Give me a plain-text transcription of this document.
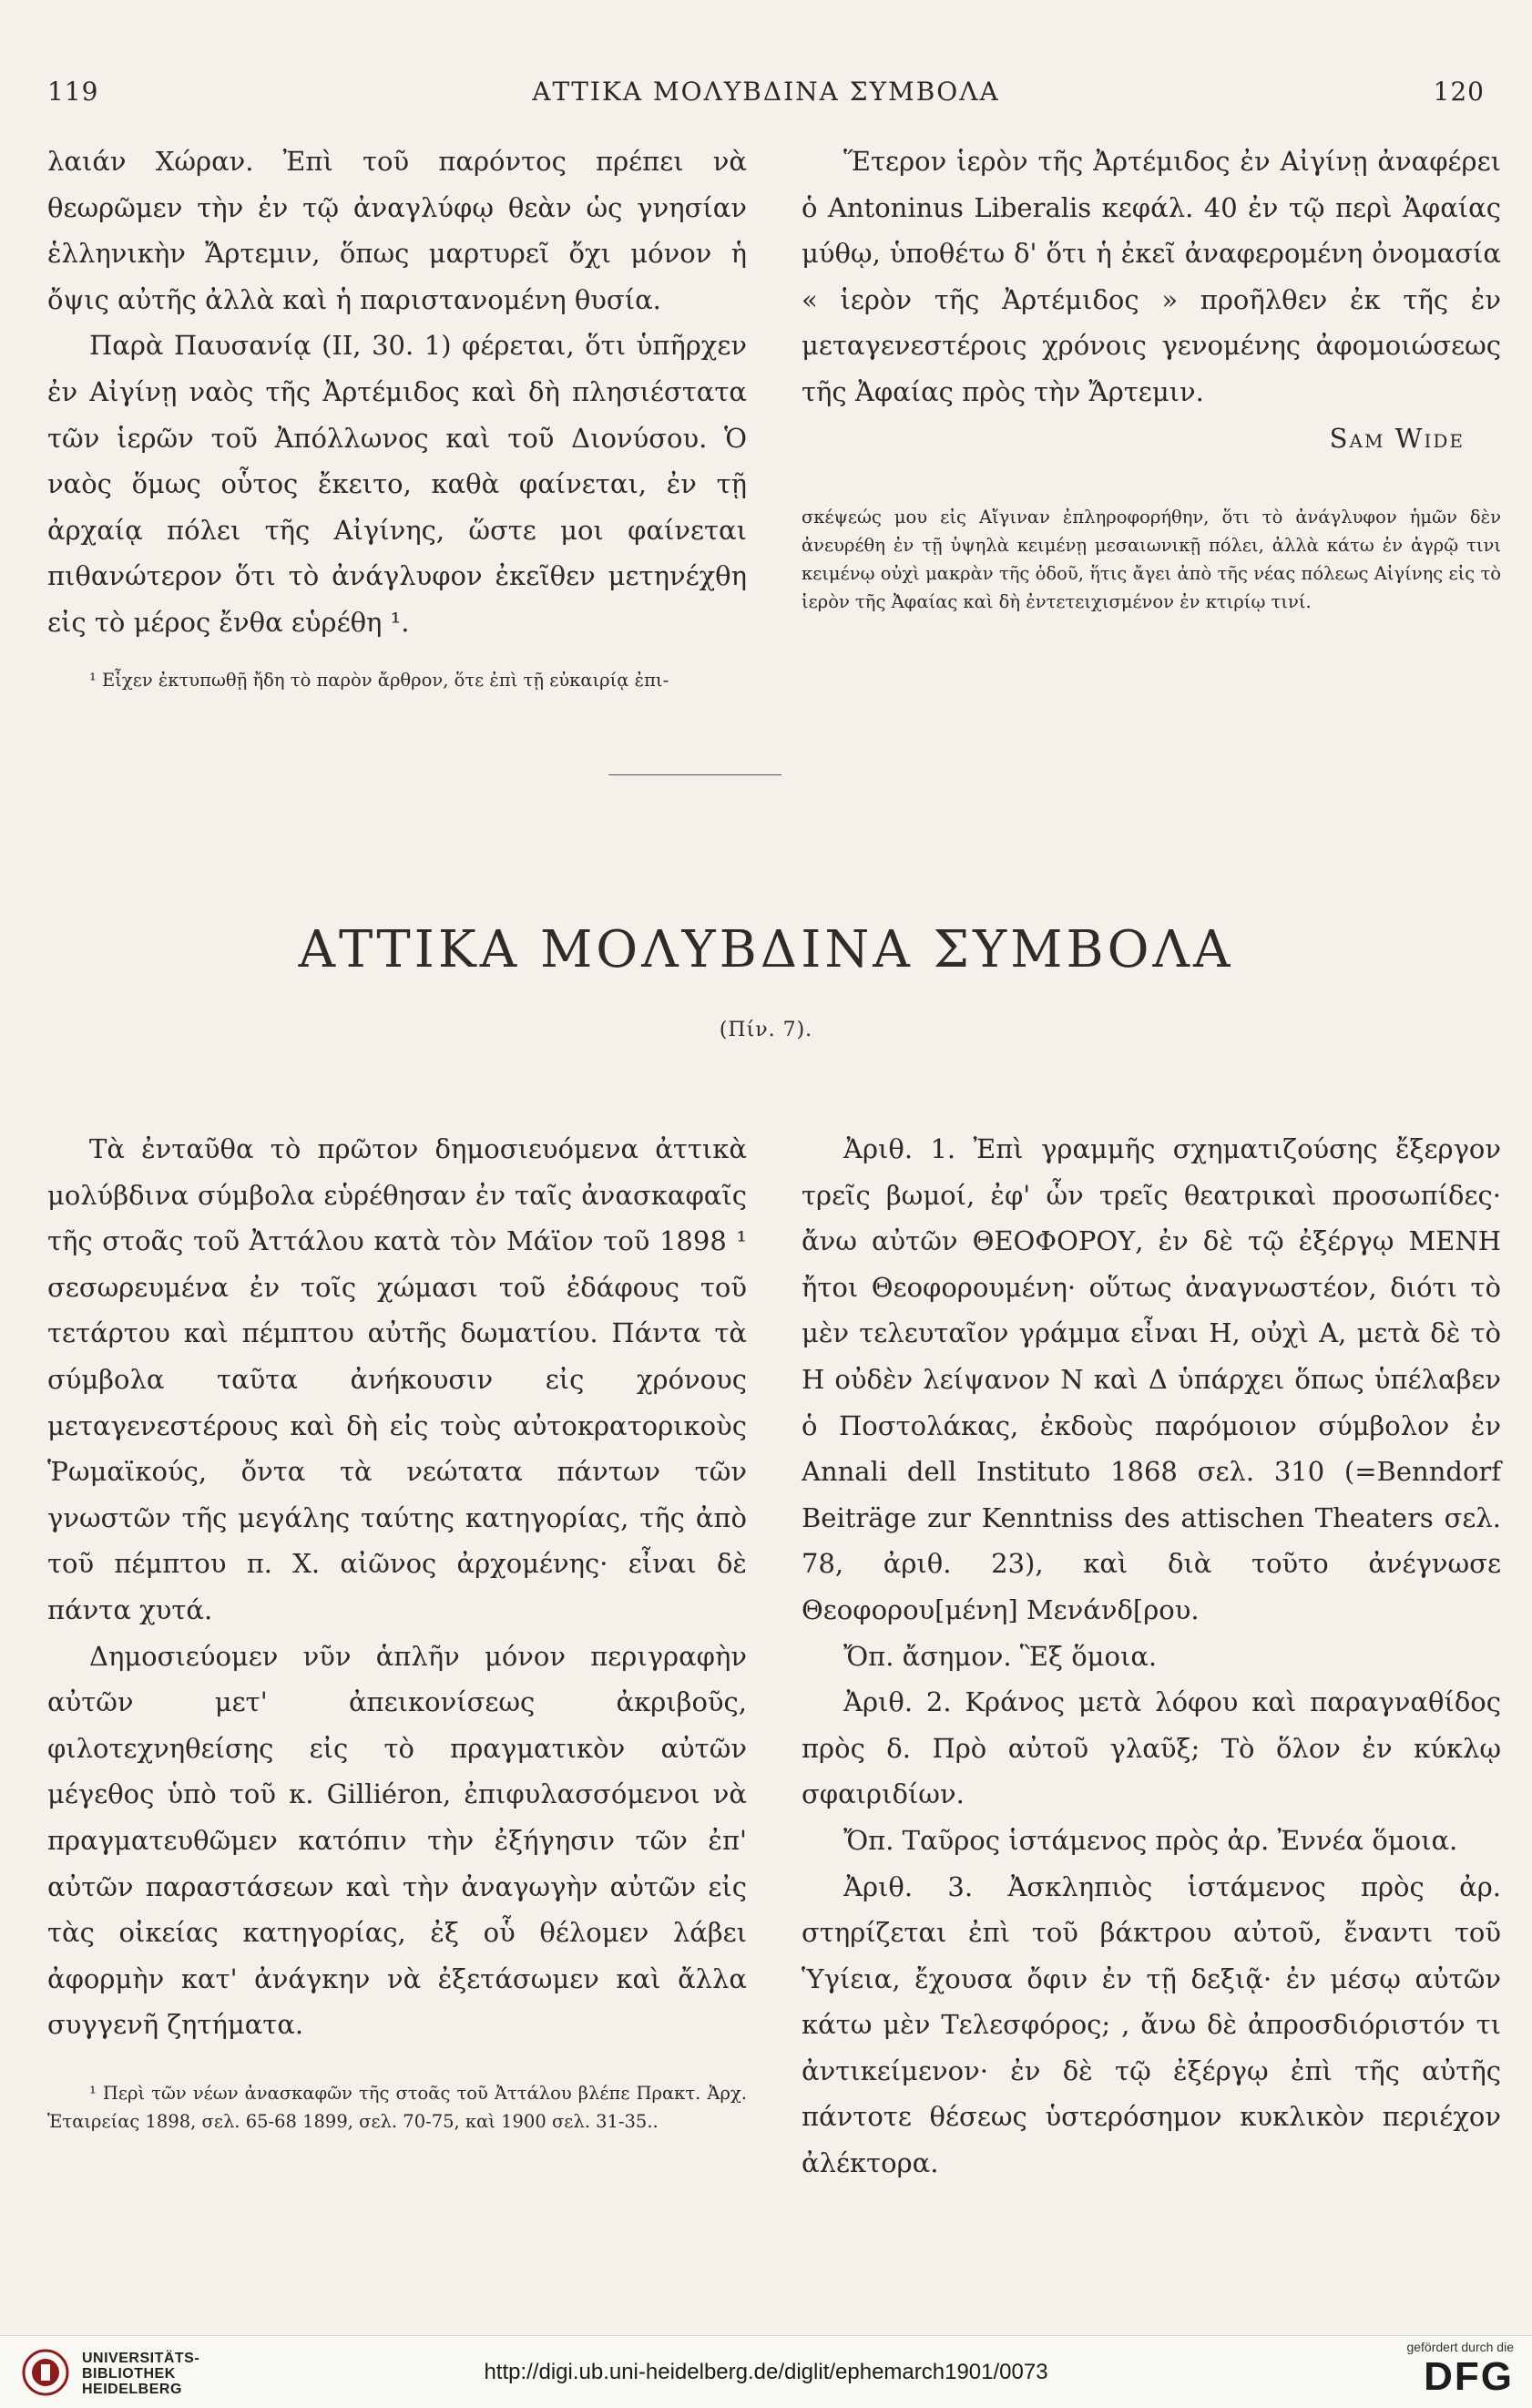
119	ΑΤΤΙΚΑ ΜΟΛΥΒΔΙΝΑ ΣΥΜΒΟΛΑ	120

λαιάν Χώραν. Ἐπὶ τοῦ παρόντος πρέπει νὰ θεωρῶμεν τὴν ἐν τῷ ἀναγλύφῳ θεὰν ὡς γνησίαν ἑλληνικὴν Ἄρτεμιν, ὅπως μαρτυρεῖ ὄχι μόνον ἡ ὄψις αὐτῆς ἀλλὰ καὶ ἡ παριστανομένη θυσία.

Παρὰ Παυσανίᾳ (II, 30. 1) φέρεται, ὅτι ὑπῆρχεν ἐν Αἰγίνῃ ναὸς τῆς Ἀρτέμιδος καὶ δὴ πλησιέστατα τῶν ἱερῶν τοῦ Ἀπόλλωνος καὶ τοῦ Διονύσου. Ὁ ναὸς ὅμως οὗτος ἔκειτο, καθὰ φαίνεται, ἐν τῇ ἀρχαίᾳ πόλει τῆς Αἰγίνης, ὥστε μοι φαίνεται πιθανώτερον ὅτι τὸ ἀνάγλυφον ἐκεῖθεν μετηνέχθη εἰς τὸ μέρος ἔνθα εὑρέθη ¹.

¹ Εἶχεν ἐκτυπωθῇ ἤδη τὸ παρὸν ἄρθρον, ὅτε ἐπὶ τῇ εὐκαιρίᾳ ἐπι-

Ἕτερον ἱερὸν τῆς Ἀρτέμιδος ἐν Αἰγίνῃ ἀναφέρει ὁ Antoninus Liberalis κεφάλ. 40 ἐν τῷ περὶ Ἀφαίας μύθῳ, ὑποθέτω δ' ὅτι ἡ ἐκεῖ ἀναφερομένη ὀνομασία « ἱερὸν τῆς Ἀρτέμιδος » προῆλθεν ἐκ τῆς ἐν μεταγενεστέροις χρόνοις γενομένης ἀφομοιώσεως τῆς Ἀφαίας πρὸς τὴν Ἄρτεμιν.

Sam Wide

σκέψεώς μου εἰς Αἴγιναν ἐπληροφορήθην, ὅτι τὸ ἀνάγλυφον ἡμῶν δὲν ἀνευρέθη ἐν τῇ ὑψηλὰ κειμένῃ μεσαιωνικῇ πόλει, ἀλλὰ κάτω ἐν ἀγρῷ τινι κειμένῳ οὐχὶ μακρὰν τῆς ὁδοῦ, ἥτις ἄγει ἀπὸ τῆς νέας πόλεως Αἰγίνης εἰς τὸ ἱερὸν τῆς Ἀφαίας καὶ δὴ ἐντετειχισμένον ἐν κτιρίῳ τινί.

ΑΤΤΙΚΑ ΜΟΛΥΒΔΙΝΑ ΣΥΜΒΟΛΑ
(Πίν. 7).

Τὰ ἐνταῦθα τὸ πρῶτον δημοσιευόμενα ἀττικὰ μολύβδινα σύμβολα εὑρέθησαν ἐν ταῖς ἀνασκαφαῖς τῆς στοᾶς τοῦ Ἀττάλου κατὰ τὸν Μάϊον τοῦ 1898 ¹ σεσωρευμένα ἐν τοῖς χώμασι τοῦ ἐδάφους τοῦ τετάρτου καὶ πέμπτου αὐτῆς δωματίου. Πάντα τὰ σύμβολα ταῦτα ἀνήκουσιν εἰς χρόνους μεταγενεστέρους καὶ δὴ εἰς τοὺς αὐτοκρατορικοὺς Ῥωμαϊκούς, ὄντα τὰ νεώτατα πάντων τῶν γνωστῶν τῆς μεγάλης ταύτης κατηγορίας, τῆς ἀπὸ τοῦ πέμπτου π. Χ. αἰῶνος ἀρχομένης· εἶναι δὲ πάντα χυτά.

Δημοσιεύομεν νῦν ἁπλῆν μόνον περιγραφὴν αὐτῶν μετ' ἀπεικονίσεως ἀκριβοῦς, φιλοτεχνηθείσης εἰς τὸ πραγματικὸν αὐτῶν μέγεθος ὑπὸ τοῦ κ. Gilliéron, ἐπιφυλασσόμενοι νὰ πραγματευθῶμεν κατόπιν τὴν ἐξήγησιν τῶν ἐπ' αὐτῶν παραστάσεων καὶ τὴν ἀναγωγὴν αὐτῶν εἰς τὰς οἰκείας κατηγορίας, ἐξ οὗ θέλομεν λάβει ἀφορμὴν κατ' ἀνάγκην νὰ ἐξετάσωμεν καὶ ἄλλα συγγενῆ ζητήματα.

¹ Περὶ τῶν νέων ἀνασκαφῶν τῆς στοᾶς τοῦ Ἀττάλου βλέπε Πρακτ. Ἀρχ. Ἑταιρείας 1898, σελ. 65-68 1899, σελ. 70-75, καὶ 1900 σελ. 31-35..

Ἀριθ. 1. Ἐπὶ γραμμῆς σχηματιζούσης ἔξεργον τρεῖς βωμοί, ἐφ' ὧν τρεῖς θεατρικαὶ προσωπίδες· ἄνω αὐτῶν ΘΕΟΦΟΡΟΥ, ἐν δὲ τῷ ἐξέργῳ ΜΕΝΗ ἤτοι Θεοφορουμένη· οὕτως ἀναγνωστέον, διότι τὸ μὲν τελευταῖον γράμμα εἶναι Η, οὐχὶ Α, μετὰ δὲ τὸ Η οὐδὲν λείψανον Ν καὶ Δ ὑπάρχει ὅπως ὑπέλαβεν ὁ Ποστολάκας, ἐκδοὺς παρόμοιον σύμβολον ἐν Annali dell Instituto 1868 σελ. 310 (=Benndorf Beiträge zur Kenntniss des attischen Theaters σελ. 78, ἀριθ. 23), καὶ διὰ τοῦτο ἀνέγνωσε Θεοφορου[μένη] Μενάνδ[ρου.

Ὄπ. ἄσημον. Ἓξ ὅμοια.

Ἀριθ. 2. Κράνος μετὰ λόφου καὶ παραγναθίδος πρὸς δ. Πρὸ αὐτοῦ γλαῦξ; Τὸ ὅλον ἐν κύκλῳ σφαιριδίων.

Ὄπ. Ταῦρος ἱστάμενος πρὸς ἀρ. Ἐννέα ὅμοια.

Ἀριθ. 3. Ἀσκληπιὸς ἱστάμενος πρὸς ἀρ. στηρίζεται ἐπὶ τοῦ βάκτρου αὐτοῦ, ἔναντι τοῦ Ὑγίεια, ἔχουσα ὄφιν ἐν τῇ δεξιᾷ· ἐν μέσῳ αὐτῶν κάτω μὲν Τελεσφόρος; , ἄνω δὲ ἀπροσδιόριστόν τι ἀντικείμενον· ἐν δὲ τῷ ἐξέργῳ ἐπὶ τῆς αὐτῆς πάντοτε θέσεως ὑστερόσημον κυκλικὸν περιέχον ἀλέκτορα.

UNIVERSITÄTS-
BIBLIOTHEK
HEIDELBERG
http://digi.ub.uni-heidelberg.de/diglit/ephemarch1901/0073
gefördert durch die
DFG
